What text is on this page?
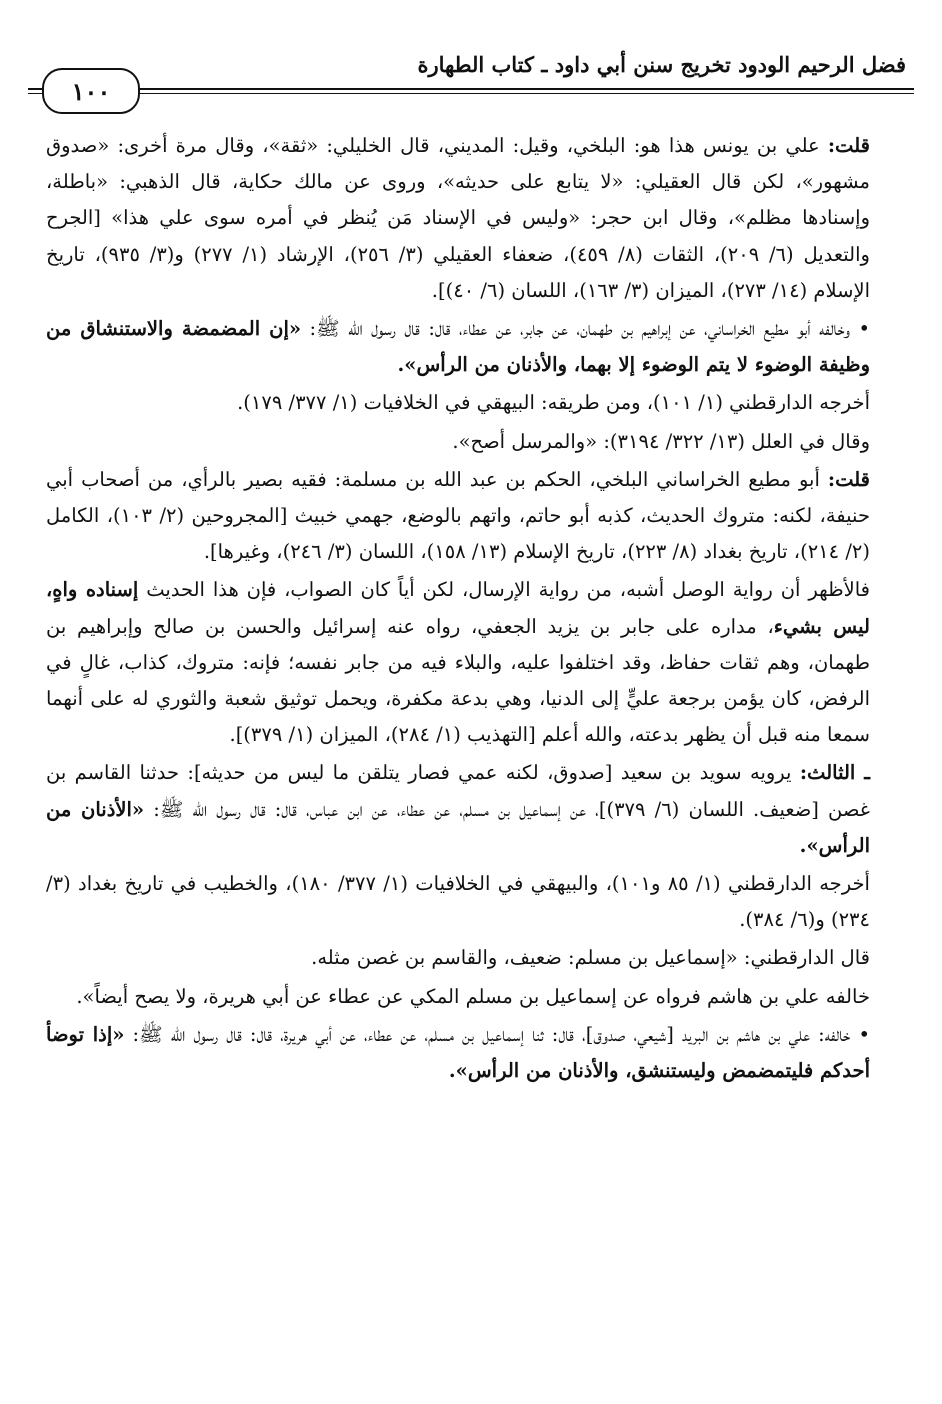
فضل الرحيم الودود تخريج سنن أبي داود ـ كتاب الطهارة
١٠٠

قلت: علي بن يونس هذا هو: البلخي، وقيل: المديني، قال الخليلي: «ثقة»، وقال مرة أخرى: «صدوق مشهور»، لكن قال العقيلي: «لا يتابع على حديثه»، وروى عن مالك حكاية، قال الذهبي: «باطلة، وإسنادها مظلم»، وقال ابن حجر: «وليس في الإسناد مَن يُنظر في أمره سوى علي هذا» [الجرح والتعديل (٦/ ٢٠٩)، الثقات (٨/ ٤٥٩)، ضعفاء العقيلي (٣/ ٢٥٦)، الإرشاد (١/ ٢٧٧) و(٣/ ٩٣٥)، تاريخ الإسلام (١٤/ ٢٧٣)، الميزان (٣/ ١٦٣)، اللسان (٦/ ٤٠)].

• وخالفه أبو مطيع الخراساني، عن إبراهيم بن طهمان، عن جابر، عن عطاء، قال: قال رسول الله ﷺ: «إن المضمضة والاستنشاق من وظيفة الوضوء لا يتم الوضوء إلا بهما، والأذنان من الرأس».

أخرجه الدارقطني (١/ ١٠١)، ومن طريقه: البيهقي في الخلافيات (١/ ٣٧٧/ ١٧٩).

وقال في العلل (١٣/ ٣٢٢/ ٣١٩٤): «والمرسل أصح».

قلت: أبو مطيع الخراساني البلخي، الحكم بن عبد الله بن مسلمة: فقيه بصير بالرأي، من أصحاب أبي حنيفة، لكنه: متروك الحديث، كذبه أبو حاتم، واتهم بالوضع، جهمي خبيث [المجروحين (٢/ ١٠٣)، الكامل (٢/ ٢١٤)، تاريخ بغداد (٨/ ٢٢٣)، تاريخ الإسلام (١٣/ ١٥٨)، اللسان (٣/ ٢٤٦)، وغيرها].

فالأظهر أن رواية الوصل أشبه، من رواية الإرسال، لكن أياً كان الصواب، فإن هذا الحديث إسناده واهٍ، ليس بشيء، مداره على جابر بن يزيد الجعفي، رواه عنه إسرائيل والحسن بن صالح وإبراهيم بن طهمان، وهم ثقات حفاظ، وقد اختلفوا عليه، والبلاء فيه من جابر نفسه؛ فإنه: متروك، كذاب، غالٍ في الرفض، كان يؤمن برجعة عليٍّ إلى الدنيا، وهي بدعة مكفرة، ويحمل توثيق شعبة والثوري له على أنهما سمعا منه قبل أن يظهر بدعته، والله أعلم [التهذيب (١/ ٢٨٤)، الميزان (١/ ٣٧٩)].

ـ الثالث: يرويه سويد بن سعيد [صدوق، لكنه عمي فصار يتلقن ما ليس من حديثه]: حدثنا القاسم بن غصن [ضعيف. اللسان (٦/ ٣٧٩)]، عن إسماعيل بن مسلم، عن عطاء، عن ابن عباس، قال: قال رسول الله ﷺ: «الأذنان من الرأس».

أخرجه الدارقطني (١/ ٨٥ و١٠١)، والبيهقي في الخلافيات (١/ ٣٧٧/ ١٨٠)، والخطيب في تاريخ بغداد (٣/ ٢٣٤) و(٦/ ٣٨٤).

قال الدارقطني: «إسماعيل بن مسلم: ضعيف، والقاسم بن غصن مثله.

خالفه علي بن هاشم فرواه عن إسماعيل بن مسلم المكي عن عطاء عن أبي هريرة، ولا يصح أيضاً».

• خالفه: علي بن هاشم بن البريد [شيعي، صدوق]، قال: ثنا إسماعيل بن مسلم، عن عطاء، عن أبي هريرة، قال: قال رسول الله ﷺ: «إذا توضأ أحدكم فليتمضمض وليستنشق، والأذنان من الرأس».
